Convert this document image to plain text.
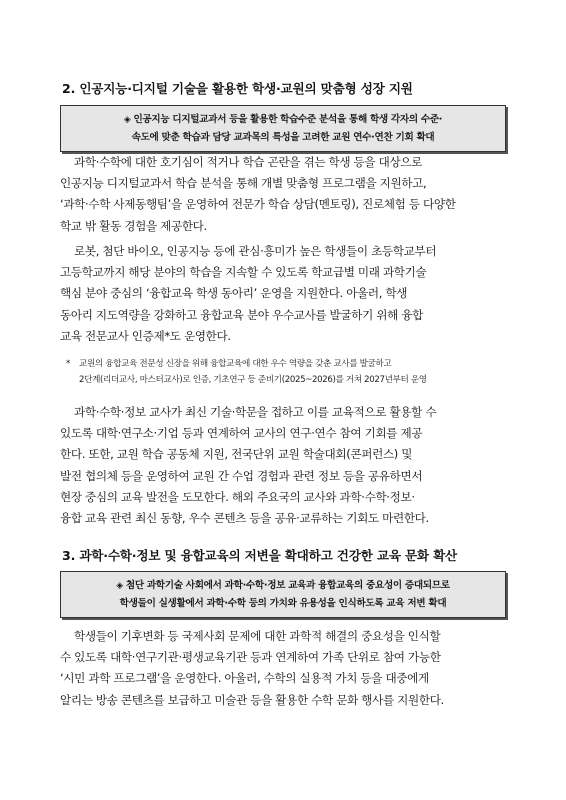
2. 인공지능·디지털 기술을 활용한 학생·교원의 맞춤형 성장 지원
◈ 인공지능 디지털교과서 등을 활용한 학습수준 분석을 통해 학생 각자의 수준·
속도에 맞춘 학습과 담당 교과목의 특성을 고려한 교원 연수·연찬 기회 확대
과학·수학에 대한 호기심이 적거나 학습 곤란을 겪는 학생 등을 대상으로
인공지능 디지털교과서 학습 분석을 통해 개별 맞춤형 프로그램을 지원하고,
‘과학·수학 사제동행팀’을 운영하여 전문가 학습 상담(멘토링), 진로체험 등 다양한
학교 밖 활동 경험을 제공한다.
로봇, 첨단 바이오, 인공지능 등에 관심·흥미가 높은 학생들이 초등학교부터
고등학교까지 해당 분야의 학습을 지속할 수 있도록 학교급별 미래 과학기술
핵심 분야 중심의 ‘융합교육 학생 동아리’ 운영을 지원한다. 아울러, 학생
동아리 지도역량을 강화하고 융합교육 분야 우수교사를 발굴하기 위해 융합
교육 전문교사 인증제*도 운영한다.
* 교원의 융합교육 전문성 신장을 위해 융합교육에 대한 우수 역량을 갖춘 교사를 발굴하고
2단계(리더교사, 마스터교사)로 인증, 기초연구 등 준비기(2025~2026)를 거쳐 2027년부터 운영
과학·수학·정보 교사가 최신 기술·학문을 접하고 이를 교육적으로 활용할 수
있도록 대학·연구소·기업 등과 연계하여 교사의 연구·연수 참여 기회를 제공
한다. 또한, 교원 학습 공동체 지원, 전국단위 교원 학술대회(콘퍼런스) 및
발전 협의체 등을 운영하여 교원 간 수업 경험과 관련 정보 등을 공유하면서
현장 중심의 교육 발전을 도모한다. 해외 주요국의 교사와 과학·수학·정보·
융합 교육 관련 최신 동향, 우수 콘텐츠 등을 공유·교류하는 기회도 마련한다.
3. 과학·수학·정보 및 융합교육의 저변을 확대하고 건강한 교육 문화 확산
◈ 첨단 과학기술 사회에서 과학·수학·정보 교육과 융합교육의 중요성이 증대되므로
학생들이 실생활에서 과학·수학 등의 가치와 유용성을 인식하도록 교육 저변 확대
학생들이 기후변화 등 국제사회 문제에 대한 과학적 해결의 중요성을 인식할
수 있도록 대학·연구기관·평생교육기관 등과 연계하여 가족 단위로 참여 가능한
‘시민 과학 프로그램’을 운영한다. 아울러, 수학의 실용적 가치 등을 대중에게
알리는 방송 콘텐츠를 보급하고 미술관 등을 활용한 수학 문화 행사를 지원한다.
